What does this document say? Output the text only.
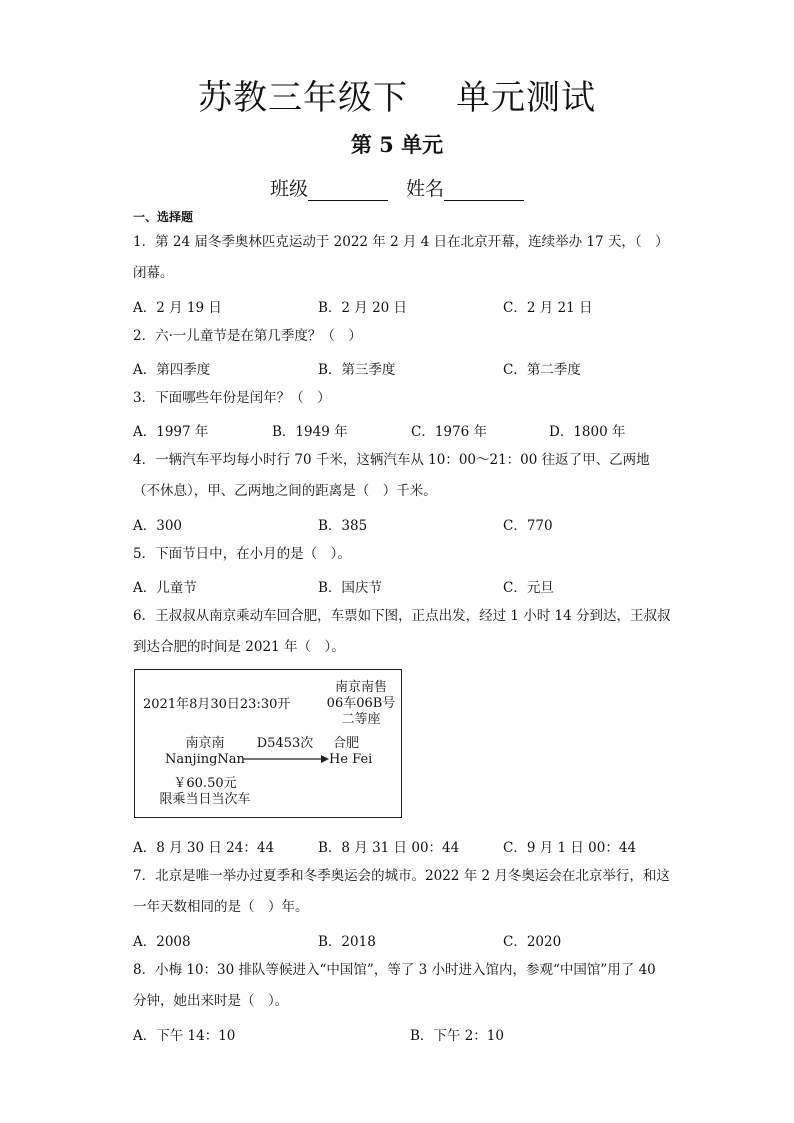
苏教三年级下 单元测试
第 5 单元
班级	姓名
一、选择题
1．第 24 届冬季奥林匹克运动于 2022 年 2 月 4 日在北京开幕，连续举办 17 天，（　）闭幕。
A．2 月 19 日	B．2 月 20 日	C．2 月 21 日
2．六·一儿童节是在第几季度？（　）
A．第四季度	B．第三季度	C．第二季度
3．下面哪些年份是闰年？（　）
A．1997 年	B．1949 年	C．1976 年	D．1800 年
4．一辆汽车平均每小时行 70 千米，这辆汽车从 10：00～21：00 往返了甲、乙两地（不休息），甲、乙两地之间的距离是（　）千米。
A．300	B．385	C．770
5．下面节日中，在小月的是（　）。
A．儿童节	B．国庆节	C．元旦
6．王叔叔从南京乘动车回合肥，车票如下图，正点出发，经过 1 小时 14 分到达，王叔叔到达合肥的时间是 2021 年（　）。
2021年8月30日23:30开
南京南售
06车06B号
二等座
南京南
NanjingNan
D5453次	合肥
He Fei
￥60.50元
限乘当日当次车
A．8 月 30 日 24：44	B．8 月 31 日 00：44	C．9 月 1 日 00：44
7．北京是唯一举办过夏季和冬季奥运会的城市。2022 年 2 月冬奥运会在北京举行，和这一年天数相同的是（　）年。
A．2008	B．2018	C．2020
8．小梅 10：30 排队等候进入“中国馆”，等了 3 小时进入馆内，参观“中国馆”用了 40 分钟，她出来时是（　）。
A．下午 14：10	B．下午 2：10
